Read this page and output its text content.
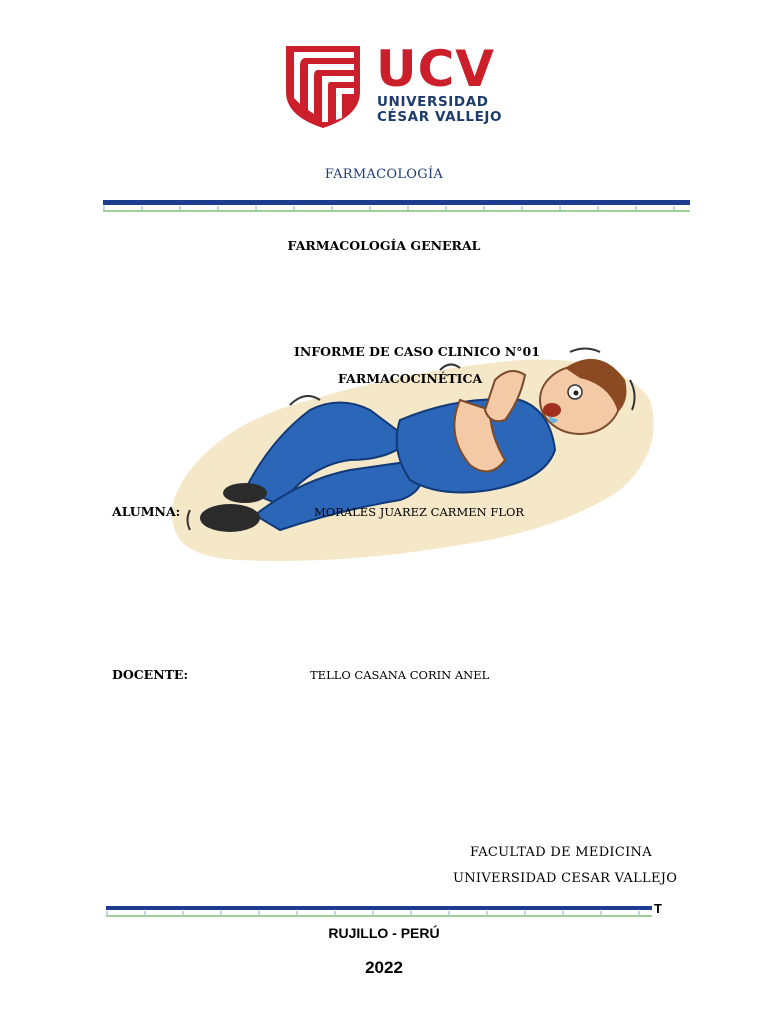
UCV
UNIVERSIDAD
CÉSAR VALLEJO
FARMACOLOGÍA
FARMACOLOGÍA GENERAL
INFORME DE CASO CLINICO N°01
FARMACOCINÉTICA
ALUMNA:	MORALES JUAREZ CARMEN FLOR
DOCENTE:	TELLO CASANA CORIN ANEL
FACULTAD DE MEDICINA
UNIVERSIDAD CESAR VALLEJO
T
RUJILLO - PERÚ
2022
